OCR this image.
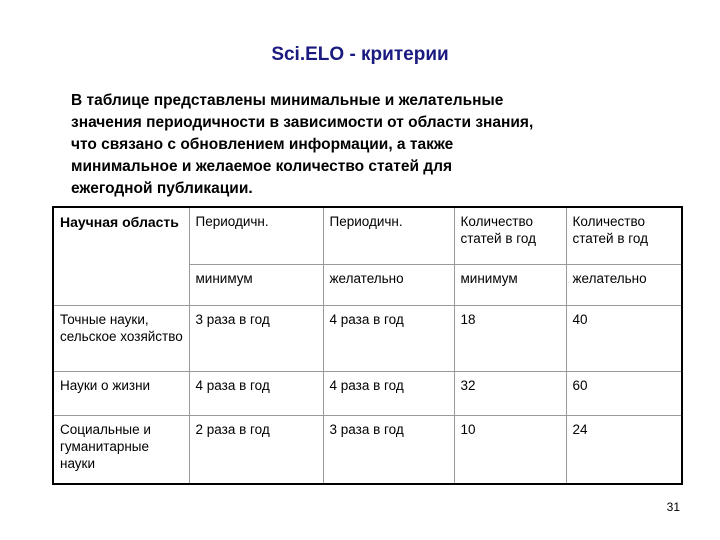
Sci.ELO - критерии
В таблице представлены минимальные и желательные
значения периодичности в зависимости от области знания,
что связано с обновлением информации, а также
минимальное и желаемое количество статей для
ежегодной публикации.
Научная область	Периодичн.	Периодичн.	Количество статей в год	Количество статей в год
	минимум	желательно	минимум	желательно
Точные науки, сельское хозяйство	3 раза в год	4 раза в год	18	40
Науки о жизни	4 раза в год	4 раза в год	32	60
Социальные и гуманитарные науки	2 раза в год	3 раза в год	10	24
31
